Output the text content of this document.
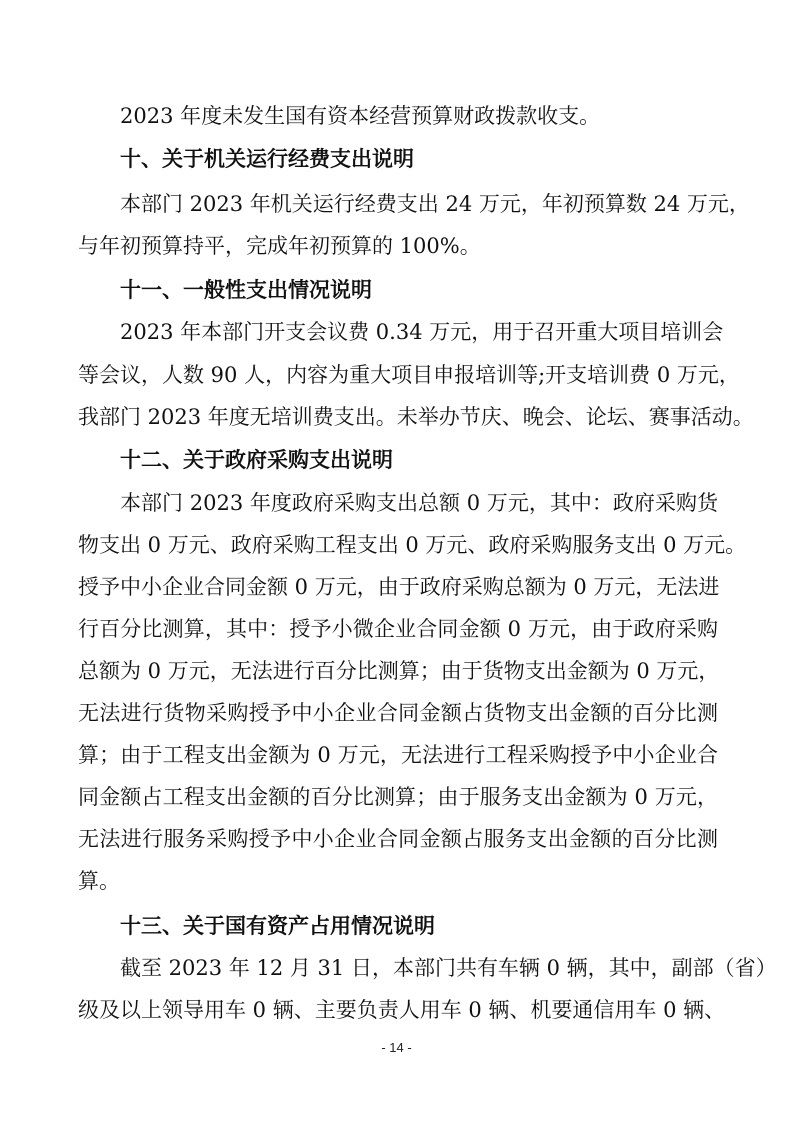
2023 年度未发生国有资本经营预算财政拨款收支。
十、关于机关运行经费支出说明
本部门 2023 年机关运行经费支出 24 万元，年初预算数 24 万元，
与年初预算持平，完成年初预算的 100%。
十一、一般性支出情况说明
2023 年本部门开支会议费 0.34 万元，用于召开重大项目培训会
等会议，人数 90 人，内容为重大项目申报培训等;开支培训费 0 万元，
我部门 2023 年度无培训费支出。未举办节庆、晚会、论坛、赛事活动。
十二、关于政府采购支出说明
本部门 2023 年度政府采购支出总额 0 万元，其中：政府采购货
物支出 0 万元、政府采购工程支出 0 万元、政府采购服务支出 0 万元。
授予中小企业合同金额 0 万元，由于政府采购总额为 0 万元，无法进
行百分比测算，其中：授予小微企业合同金额 0 万元，由于政府采购
总额为 0 万元，无法进行百分比测算；由于货物支出金额为 0 万元，
无法进行货物采购授予中小企业合同金额占货物支出金额的百分比测
算；由于工程支出金额为 0 万元，无法进行工程采购授予中小企业合
同金额占工程支出金额的百分比测算；由于服务支出金额为 0 万元，
无法进行服务采购授予中小企业合同金额占服务支出金额的百分比测
算。
十三、关于国有资产占用情况说明
截至 2023 年 12 月 31 日，本部门共有车辆 0 辆，其中，副部（省）
级及以上领导用车 0 辆、主要负责人用车 0 辆、机要通信用车 0 辆、
- 14 -
